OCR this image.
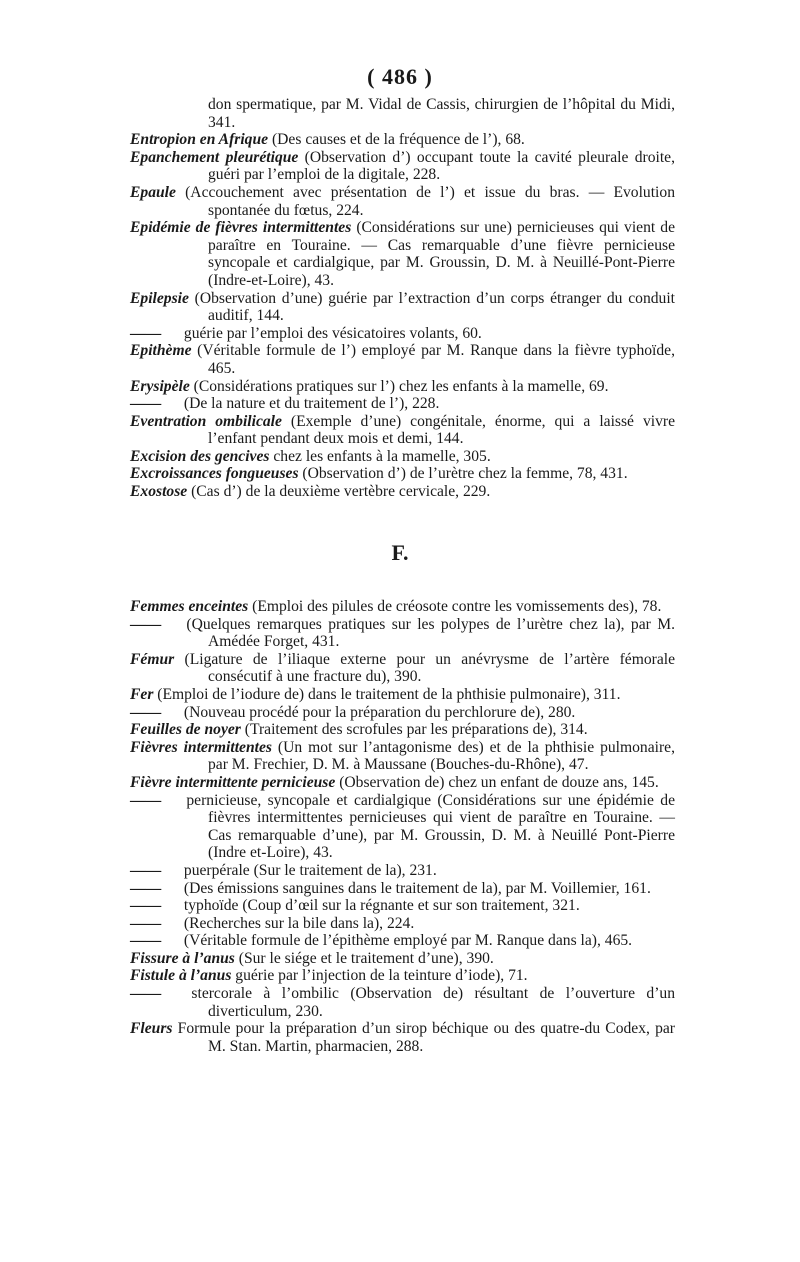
( 486 )

don spermatique, par M. Vidal de Cassis, chirurgien de l’hôpital du Midi, 341.

Entropion en Afrique (Des causes et de la fréquence de l’), 68.

Epanchement pleurétique (Observation d’) occupant toute la cavité pleurale droite, guéri par l’emploi de la digitale, 228.

Epaule (Accouchement avec présentation de l’) et issue du bras. — Evolution spontanée du fœtus, 224.

Epidémie de fièvres intermittentes (Considérations sur une) pernicieuses qui vient de paraître en Touraine. — Cas remarquable d’une fièvre pernicieuse syncopale et cardialgique, par M. Groussin, D. M. à Neuillé-Pont-Pierre (Indre-et-Loire), 43.

Epilepsie (Observation d’une) guérie par l’extraction d’un corps étranger du conduit auditif, 144.

—— guérie par l’emploi des vésicatoires volants, 60.

Epithème (Véritable formule de l’) employé par M. Ranque dans la fièvre typhoïde, 465.

Erysipèle (Considérations pratiques sur l’) chez les enfants à la mamelle, 69.

—— (De la nature et du traitement de l’), 228.

Eventration ombilicale (Exemple d’une) congénitale, énorme, qui a laissé vivre l’enfant pendant deux mois et demi, 144.

Excision des gencives chez les enfants à la mamelle, 305.

Excroissances fongueuses (Observation d’) de l’urètre chez la femme, 78, 431.

Exostose (Cas d’) de la deuxième vertèbre cervicale, 229.

F.

Femmes enceintes (Emploi des pilules de créosote contre les vomissements des), 78.

—— (Quelques remarques pratiques sur les polypes de l’urètre chez la), par M. Amédée Forget, 431.

Fémur (Ligature de l’iliaque externe pour un anévrysme de l’artère fémorale consécutif à une fracture du), 390.

Fer (Emploi de l’iodure de) dans le traitement de la phthisie pulmonaire), 311.

—— (Nouveau procédé pour la préparation du perchlorure de), 280.

Feuilles de noyer (Traitement des scrofules par les préparations de), 314.

Fièvres intermittentes (Un mot sur l’antagonisme des) et de la phthisie pulmonaire, par M. Frechier, D. M. à Maussane (Bouches-du-Rhône), 47.

Fièvre intermittente pernicieuse (Observation de) chez un enfant de douze ans, 145.

—— pernicieuse, syncopale et cardialgique (Considérations sur une épidémie de fièvres intermittentes pernicieuses qui vient de paraître en Touraine. — Cas remarquable d’une), par M. Groussin, D. M. à Neuillé Pont-Pierre (Indre et-Loire), 43.

—— puerpérale (Sur le traitement de la), 231.

—— (Des émissions sanguines dans le traitement de la), par M. Voillemier, 161.

—— typhoïde (Coup d’œil sur la régnante et sur son traitement, 321.

—— (Recherches sur la bile dans la), 224.

—— (Véritable formule de l’épithème employé par M. Ranque dans la), 465.

Fissure à l’anus (Sur le siége et le traitement d’une), 390.

Fistule à l’anus guérie par l’injection de la teinture d’iode), 71.

—— stercorale à l’ombilic (Observation de) résultant de l’ouverture d’un diverticulum, 230.

Fleurs Formule pour la préparation d’un sirop béchique ou des quatre-du Codex, par M. Stan. Martin, pharmacien, 288.
